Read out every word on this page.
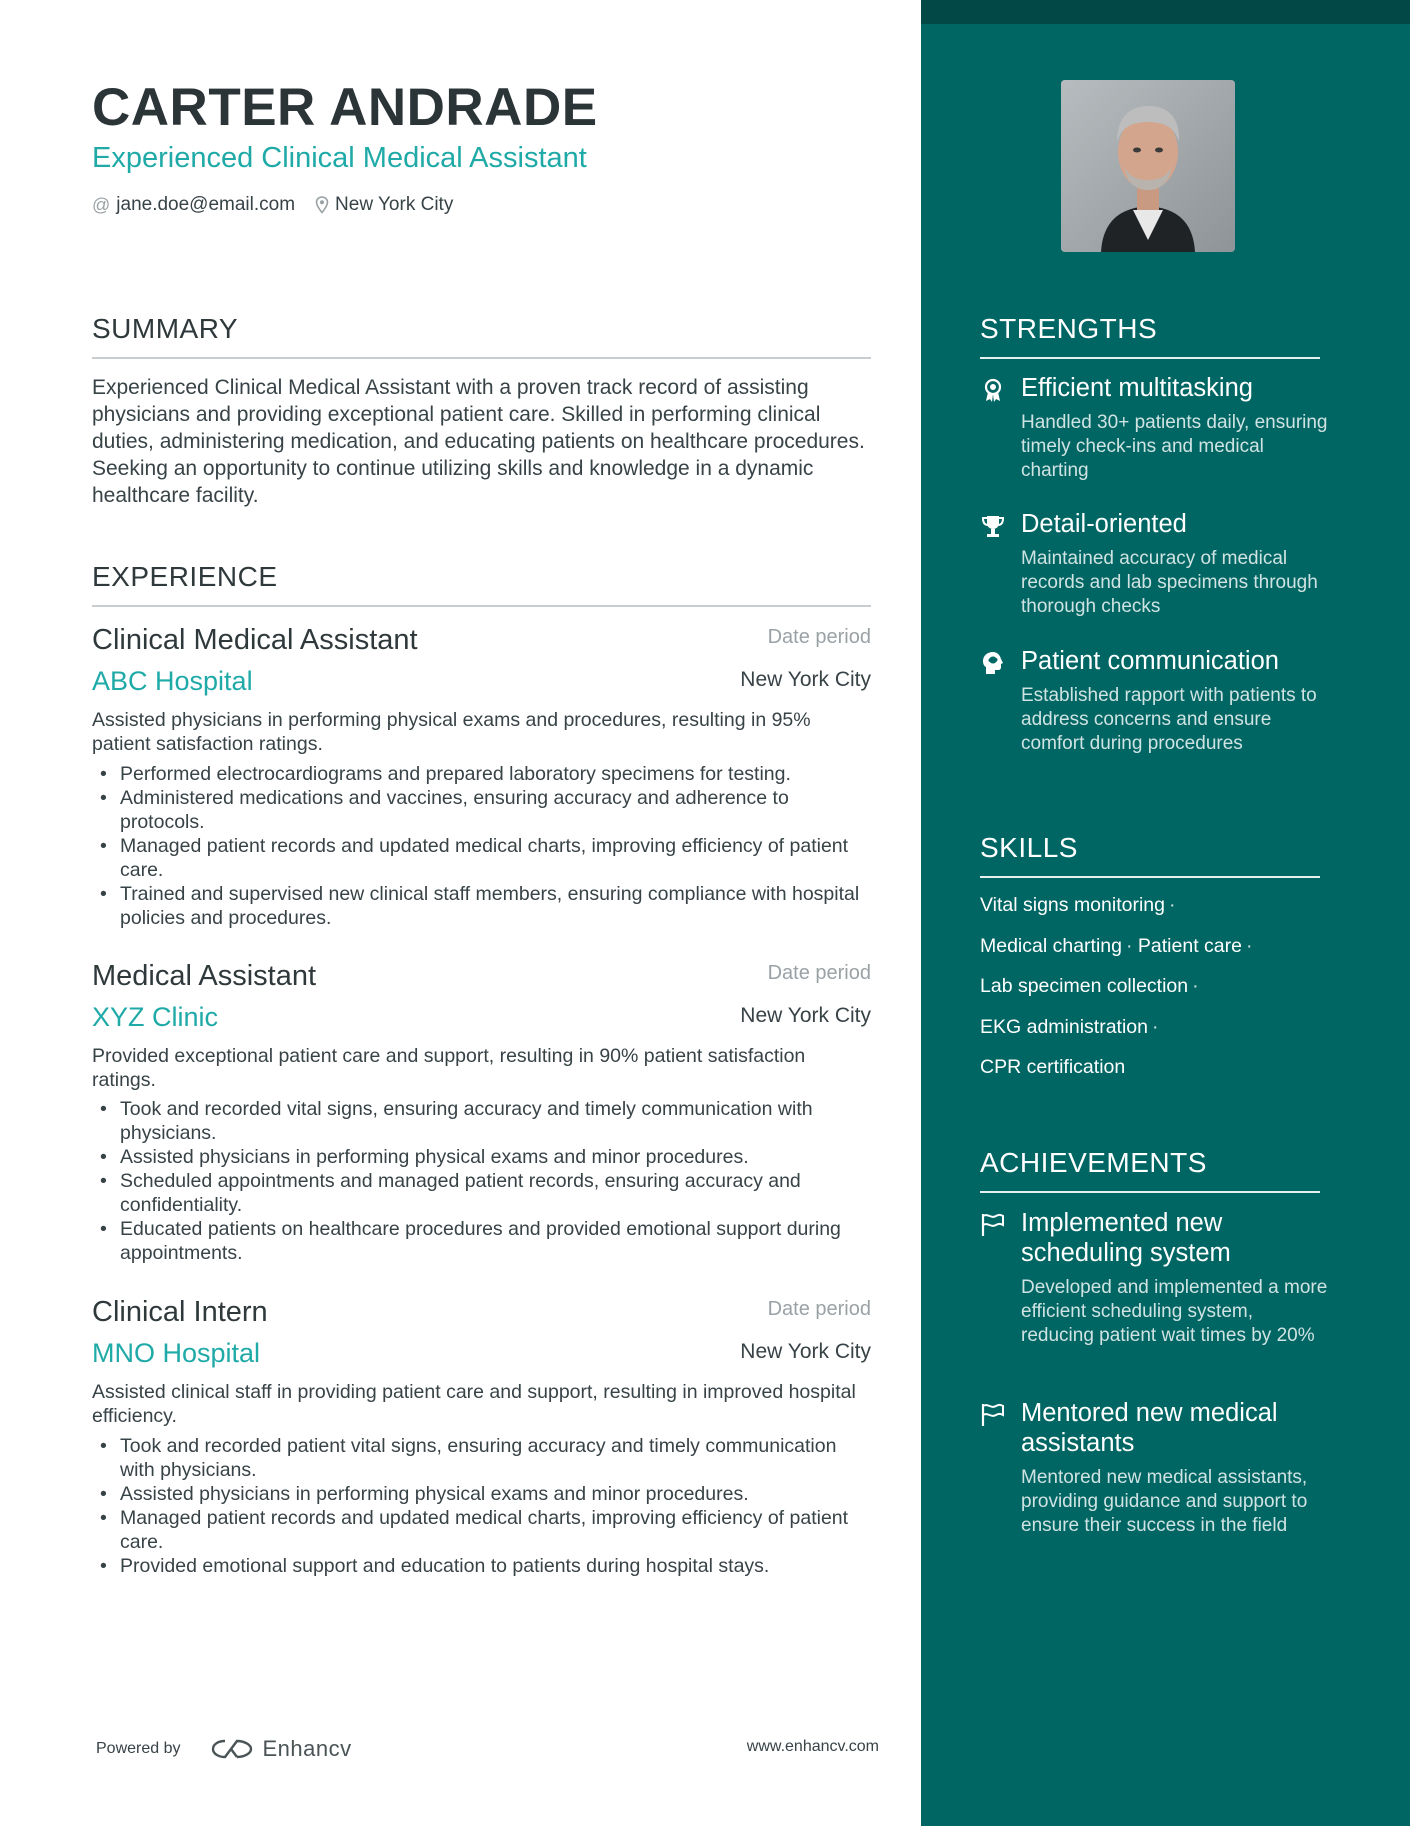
CARTER ANDRADE
Experienced Clinical Medical Assistant
@ jane.doe@email.com New York City
SUMMARY
Experienced Clinical Medical Assistant with a proven track record of assisting physicians and providing exceptional patient care. Skilled in performing clinical duties, administering medication, and educating patients on healthcare procedures. Seeking an opportunity to continue utilizing skills and knowledge in a dynamic healthcare facility.
EXPERIENCE
Clinical Medical Assistant	Date period
ABC Hospital	New York City
Assisted physicians in performing physical exams and procedures, resulting in 95% patient satisfaction ratings.
• Performed electrocardiograms and prepared laboratory specimens for testing.
• Administered medications and vaccines, ensuring accuracy and adherence to protocols.
• Managed patient records and updated medical charts, improving efficiency of patient care.
• Trained and supervised new clinical staff members, ensuring compliance with hospital policies and procedures.
Medical Assistant	Date period
XYZ Clinic	New York City
Provided exceptional patient care and support, resulting in 90% patient satisfaction ratings.
• Took and recorded vital signs, ensuring accuracy and timely communication with physicians.
• Assisted physicians in performing physical exams and minor procedures.
• Scheduled appointments and managed patient records, ensuring accuracy and confidentiality.
• Educated patients on healthcare procedures and provided emotional support during appointments.
Clinical Intern	Date period
MNO Hospital	New York City
Assisted clinical staff in providing patient care and support, resulting in improved hospital efficiency.
• Took and recorded patient vital signs, ensuring accuracy and timely communication with physicians.
• Assisted physicians in performing physical exams and minor procedures.
• Managed patient records and updated medical charts, improving efficiency of patient care.
• Provided emotional support and education to patients during hospital stays.
Powered by	Enhancv	www.enhancv.com
STRENGTHS
Efficient multitasking
Handled 30+ patients daily, ensuring timely check-ins and medical charting
Detail-oriented
Maintained accuracy of medical records and lab specimens through thorough checks
Patient communication
Established rapport with patients to address concerns and ensure comfort during procedures
SKILLS
Vital signs monitoring ·
Medical charting · Patient care ·
Lab specimen collection ·
EKG administration ·
CPR certification
ACHIEVEMENTS
Implemented new scheduling system
Developed and implemented a more efficient scheduling system, reducing patient wait times by 20%
Mentored new medical assistants
Mentored new medical assistants, providing guidance and support to ensure their success in the field
